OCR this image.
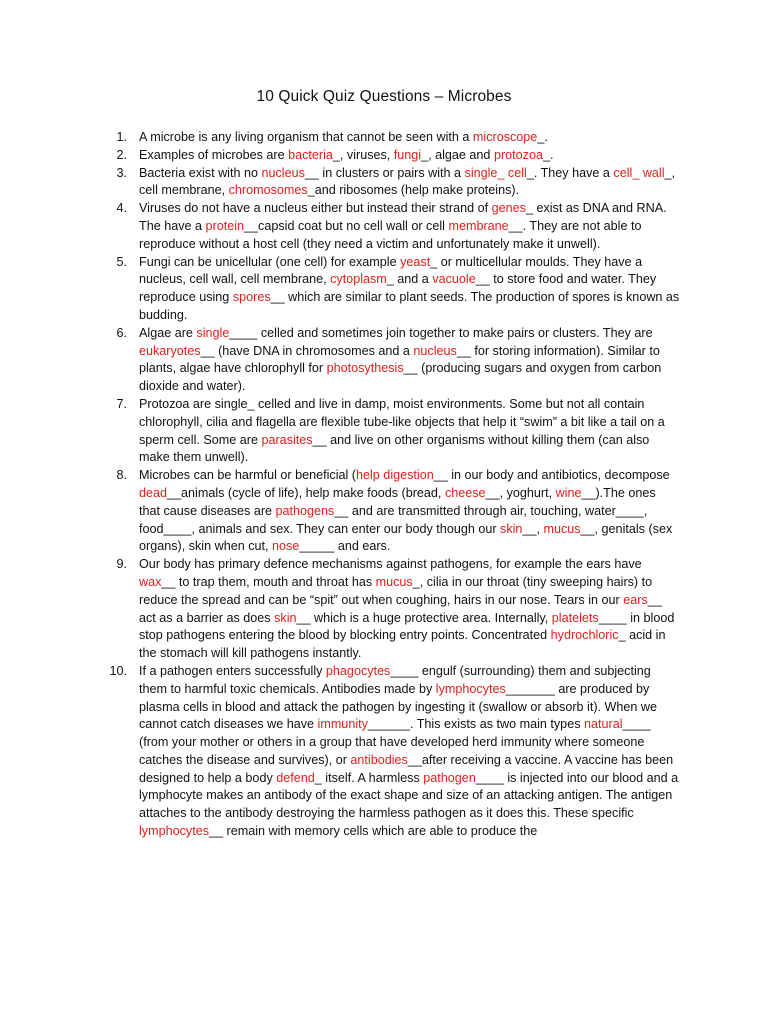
10 Quick Quiz Questions – Microbes
1. A microbe is any living organism that cannot be seen with a microscope_.
2. Examples of microbes are bacteria_, viruses, fungi_, algae and protozoa_.
3. Bacteria exist with no nucleus__ in clusters or pairs with a single_ cell_. They have a cell_ wall_, cell membrane, chromosomes_and ribosomes (help make proteins).
4. Viruses do not have a nucleus either but instead their strand of genes_ exist as DNA and RNA. The have a protein__capsid coat but no cell wall or cell membrane__. They are not able to reproduce without a host cell (they need a victim and unfortunately make it unwell).
5. Fungi can be unicellular (one cell) for example yeast_ or multicellular moulds. They have a nucleus, cell wall, cell membrane, cytoplasm_ and a vacuole__ to store food and water. They reproduce using spores__ which are similar to plant seeds. The production of spores is known as budding.
6. Algae are single____ celled and sometimes join together to make pairs or clusters. They are eukaryotes__ (have DNA in chromosomes and a nucleus__ for storing information). Similar to plants, algae have chlorophyll for photosythesis__ (producing sugars and oxygen from carbon dioxide and water).
7. Protozoa are single_ celled and live in damp, moist environments. Some but not all contain chlorophyll, cilia and flagella are flexible tube-like objects that help it “swim” a bit like a tail on a sperm cell. Some are parasites__ and live on other organisms without killing them (can also make them unwell).
8. Microbes can be harmful or beneficial (help digestion__ in our body and antibiotics, decompose dead__animals (cycle of life), help make foods (bread, cheese__, yoghurt, wine__).The ones that cause diseases are pathogens__ and are transmitted through air, touching, water____, food____, animals and sex. They can enter our body though our skin__, mucus__, genitals (sex organs), skin when cut, nose_____ and ears.
9. Our body has primary defence mechanisms against pathogens, for example the ears have wax__ to trap them, mouth and throat has mucus_, cilia in our throat (tiny sweeping hairs) to reduce the spread and can be “spit” out when coughing, hairs in our nose. Tears in our ears__ act as a barrier as does skin__ which is a huge protective area. Internally, platelets____ in blood stop pathogens entering the blood by blocking entry points. Concentrated hydrochloric_ acid in the stomach will kill pathogens instantly.
10. If a pathogen enters successfully phagocytes____ engulf (surrounding) them and subjecting them to harmful toxic chemicals. Antibodies made by lymphocytes_______ are produced by plasma cells in blood and attack the pathogen by ingesting it (swallow or absorb it). When we cannot catch diseases we have immunity______. This exists as two main types natural____ (from your mother or others in a group that have developed herd immunity where someone catches the disease and survives), or antibodies__after receiving a vaccine. A vaccine has been designed to help a body defend_ itself. A harmless pathogen____ is injected into our blood and a lymphocyte makes an antibody of the exact shape and size of an attacking antigen. The antigen attaches to the antibody destroying the harmless pathogen as it does this. These specific lymphocytes__ remain with memory cells which are able to produce the
